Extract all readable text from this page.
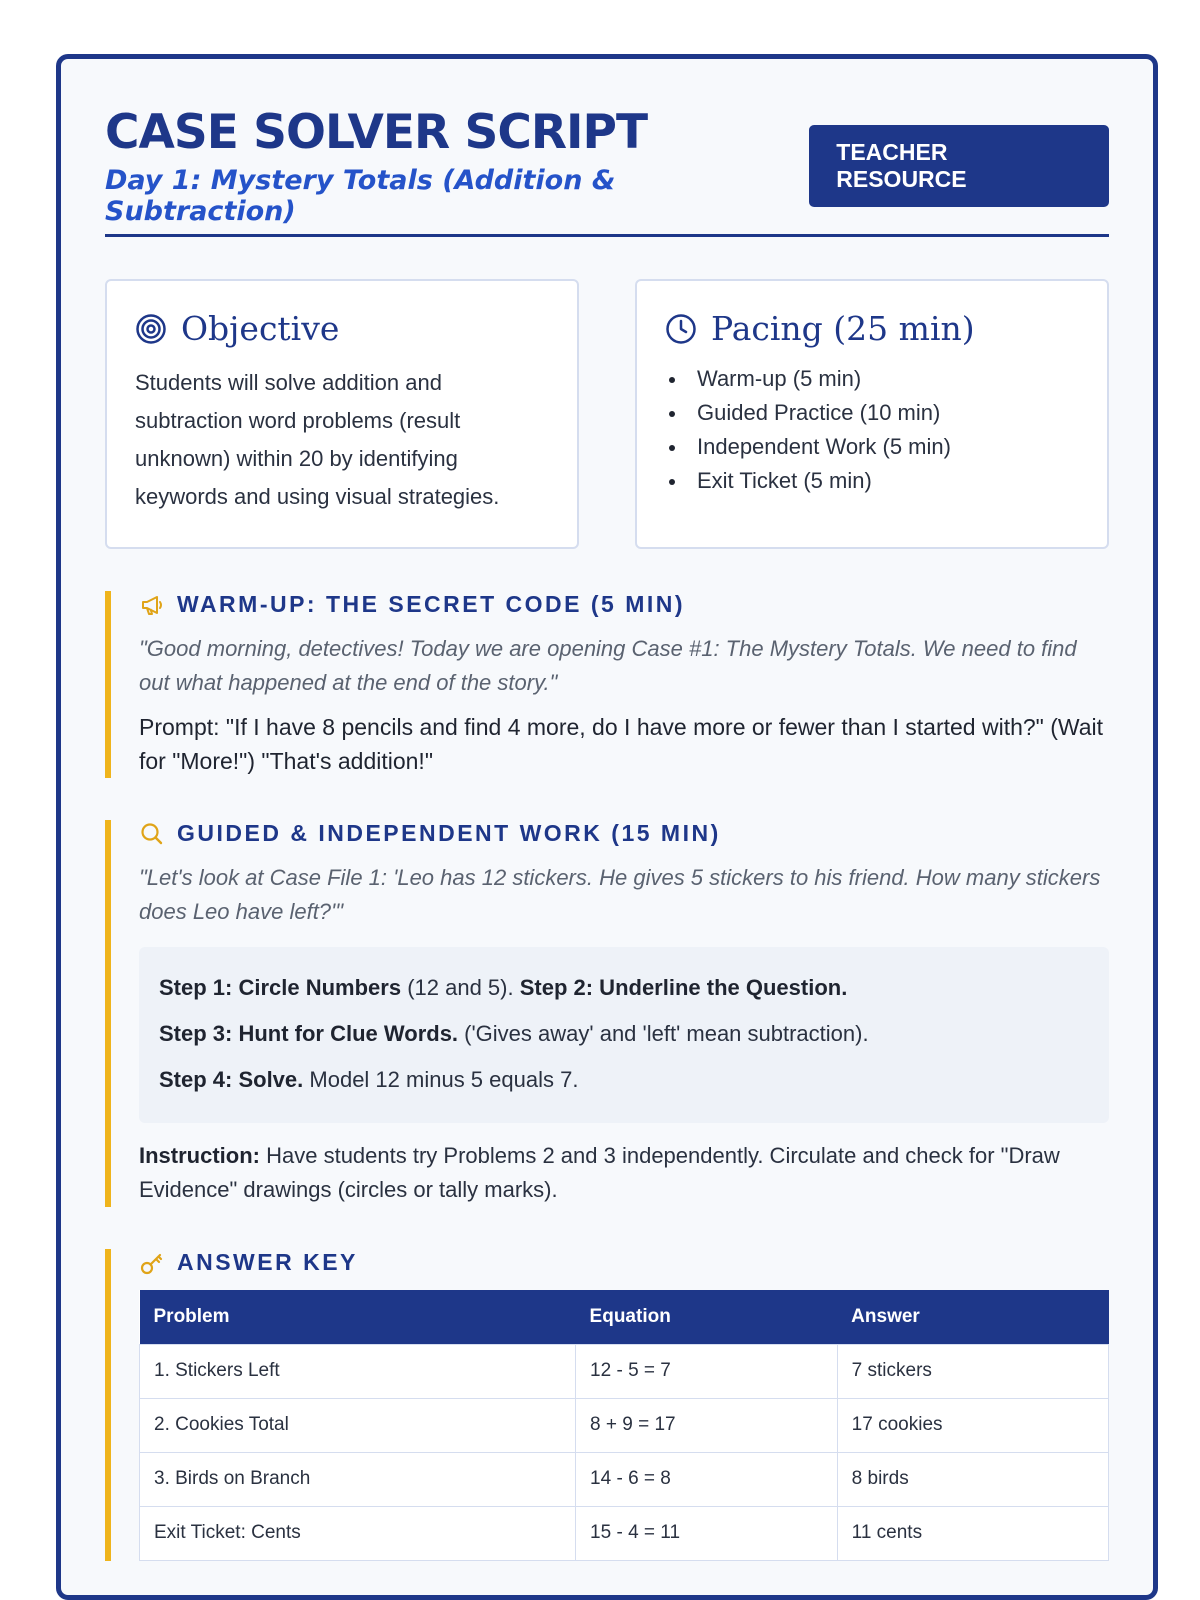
CASE SOLVER SCRIPT
Day 1: Mystery Totals (Addition & Subtraction)
TEACHER RESOURCE
Objective

Students will solve addition and subtraction word problems (result unknown) within 20 by identifying keywords and using visual strategies.

Pacing (25 min)
Warm-up (5 min)
Guided Practice (10 min)
Independent Work (5 min)
Exit Ticket (5 min)
WARM-UP: THE SECRET CODE (5 MIN)

"Good morning, detectives! Today we are opening Case #1: The Mystery Totals. We need to find out what happened at the end of the story."

Prompt: "If I have 8 pencils and find 4 more, do I have more or fewer than I started with?" (Wait for "More!") "That's addition!"

GUIDED & INDEPENDENT WORK (15 MIN)

"Let's look at Case File 1: 'Leo has 12 stickers. He gives 5 stickers to his friend. How many stickers does Leo have left?'"

Step 1: Circle Numbers (12 and 5). Step 2: Underline the Question.

Step 3: Hunt for Clue Words. ('Gives away' and 'left' mean subtraction).

Step 4: Solve. Model 12 minus 5 equals 7.

Instruction: Have students try Problems 2 and 3 independently. Circulate and check for "Draw Evidence" drawings (circles or tally marks).

ANSWER KEY
Problem	Equation	Answer
1. Stickers Left	12 - 5 = 7	7 stickers
2. Cookies Total	8 + 9 = 17	17 cookies
3. Birds on Branch	14 - 6 = 8	8 birds
Exit Ticket: Cents	15 - 4 = 11	11 cents
